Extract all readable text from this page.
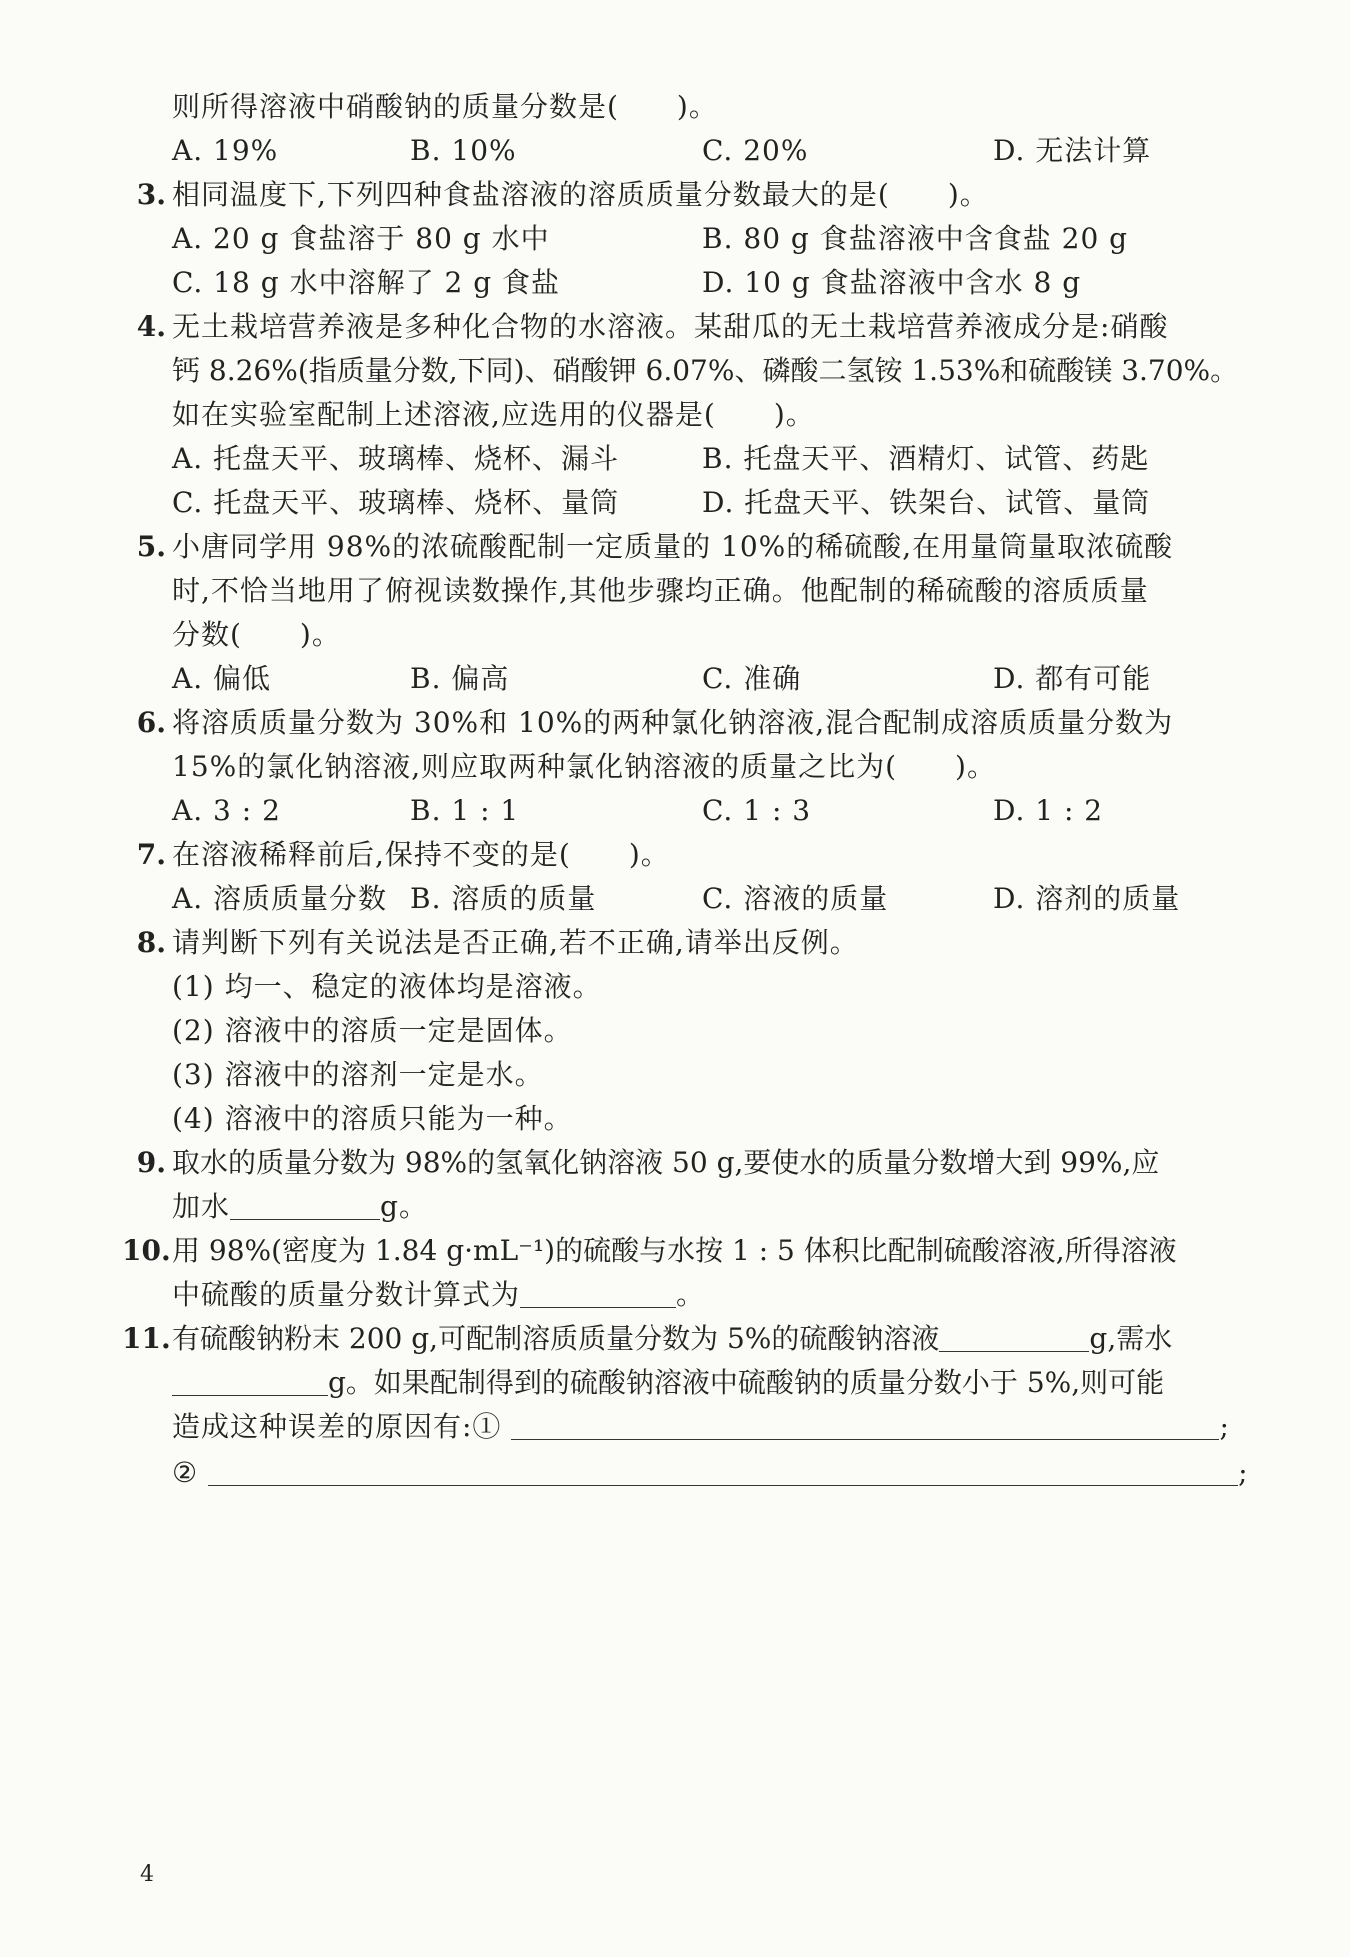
则所得溶液中硝酸钠的质量分数是(　　)。
A. 19%	B. 10%	C. 20%	D. 无法计算
3. 相同温度下,下列四种食盐溶液的溶质质量分数最大的是(　　)。
A. 20 g 食盐溶于 80 g 水中	B. 80 g 食盐溶液中含食盐 20 g
C. 18 g 水中溶解了 2 g 食盐	D. 10 g 食盐溶液中含水 8 g
4. 无土栽培营养液是多种化合物的水溶液。某甜瓜的无土栽培营养液成分是:硝酸
钙 8.26%(指质量分数,下同)、硝酸钾 6.07%、磷酸二氢铵 1.53%和硫酸镁 3.70%。
如在实验室配制上述溶液,应选用的仪器是(　　)。
A. 托盘天平、玻璃棒、烧杯、漏斗	B. 托盘天平、酒精灯、试管、药匙
C. 托盘天平、玻璃棒、烧杯、量筒	D. 托盘天平、铁架台、试管、量筒
5. 小唐同学用 98%的浓硫酸配制一定质量的 10%的稀硫酸,在用量筒量取浓硫酸
时,不恰当地用了俯视读数操作,其他步骤均正确。他配制的稀硫酸的溶质质量
分数(　　)。
A. 偏低	B. 偏高	C. 准确	D. 都有可能
6. 将溶质质量分数为 30%和 10%的两种氯化钠溶液,混合配制成溶质质量分数为
15%的氯化钠溶液,则应取两种氯化钠溶液的质量之比为(　　)。
A. 3 : 2	B. 1 : 1	C. 1 : 3	D. 1 : 2
7. 在溶液稀释前后,保持不变的是(　　)。
A. 溶质质量分数 B. 溶质的质量	C. 溶液的质量	D. 溶剂的质量
8. 请判断下列有关说法是否正确,若不正确,请举出反例。
(1) 均一、稳定的液体均是溶液。
(2) 溶液中的溶质一定是固体。
(3) 溶液中的溶剂一定是水。
(4) 溶液中的溶质只能为一种。
9. 取水的质量分数为 98%的氢氧化钠溶液 50 g,要使水的质量分数增大到 99%,应
加水	g。
10. 用 98%(密度为 1.84 g·mL⁻¹)的硫酸与水按 1 : 5 体积比配制硫酸溶液,所得溶液
中硫酸的质量分数计算式为	。
11. 有硫酸钠粉末 200 g,可配制溶质质量分数为 5%的硫酸钠溶液	g,需水
g。如果配制得到的硫酸钠溶液中硫酸钠的质量分数小于 5%,则可能
造成这种误差的原因有:①	;
②	;
4
